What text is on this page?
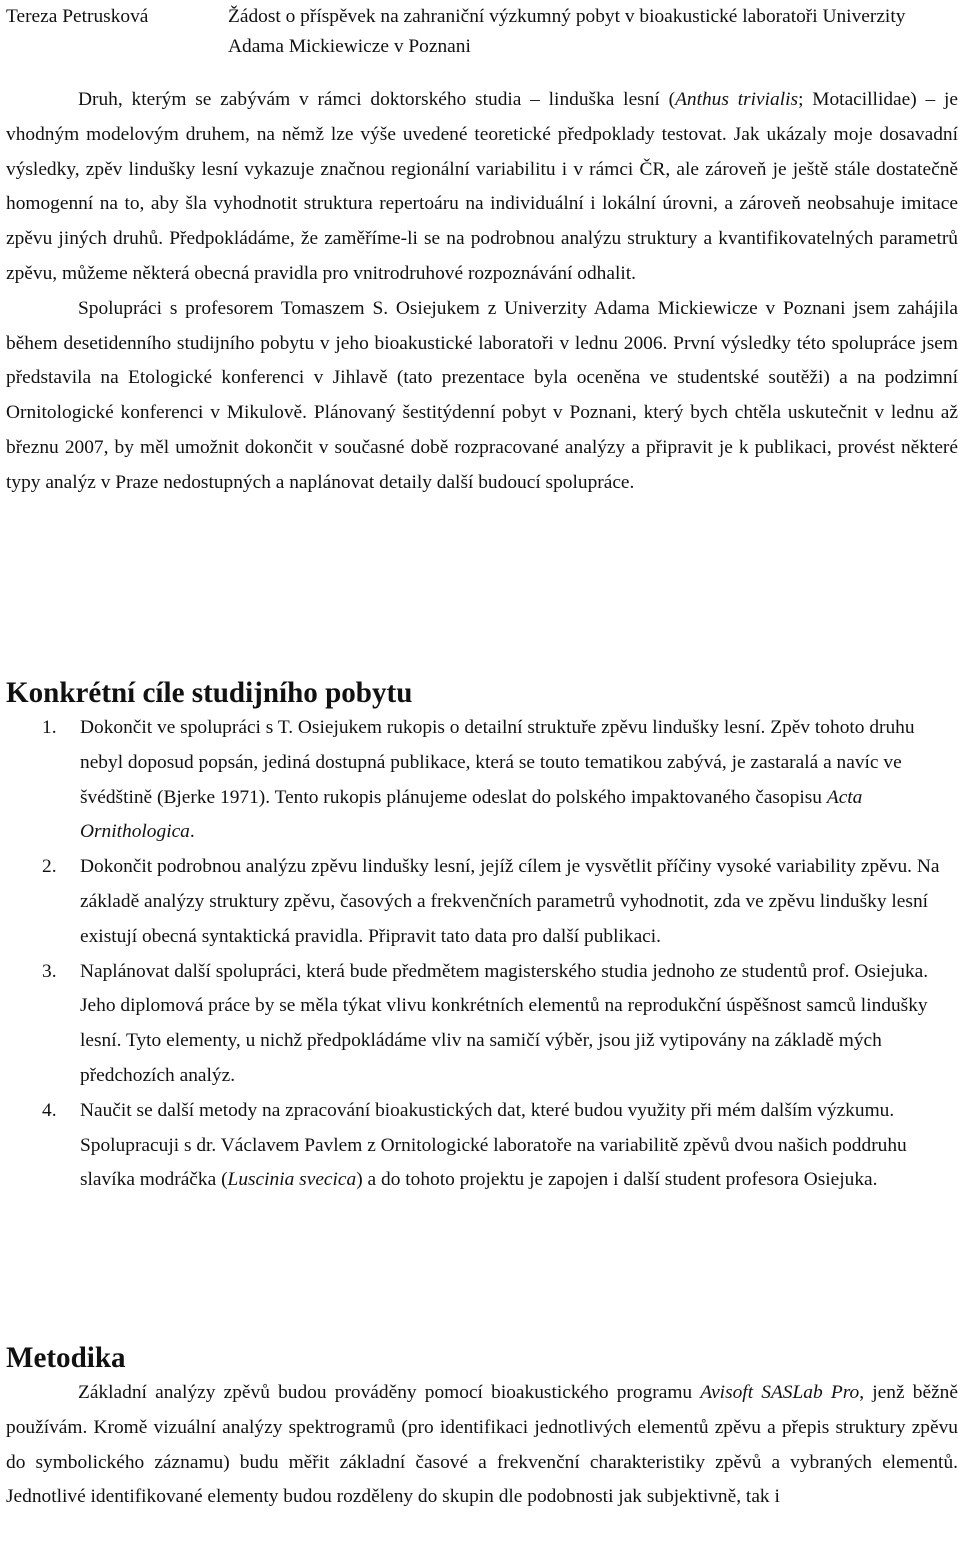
Tereza Petrusková	Žádost o příspěvek na zahraniční výzkumný pobyt v bioakustické laboratoři Univerzity Adama Mickiewicze v Poznani

Druh, kterým se zabývám v rámci doktorského studia – linduška lesní (Anthus trivialis; Motacillidae) – je vhodným modelovým druhem, na němž lze výše uvedené teoretické předpoklady testovat. Jak ukázaly moje dosavadní výsledky, zpěv lindušky lesní vykazuje značnou regionální variabilitu i v rámci ČR, ale zároveň je ještě stále dostatečně homogenní na to, aby šla vyhodnotit struktura repertoáru na individuální i lokální úrovni, a zároveň neobsahuje imitace zpěvu jiných druhů. Předpokládáme, že zaměříme-li se na podrobnou analýzu struktury a kvantifikovatelných parametrů zpěvu, můžeme některá obecná pravidla pro vnitrodruhové rozpoznávání odhalit.

Spolupráci s profesorem Tomaszem S. Osiejukem z Univerzity Adama Mickiewicze v Poznani jsem zahájila během desetidenního studijního pobytu v jeho bioakustické laboratoři v lednu 2006. První výsledky této spolupráce jsem představila na Etologické konferenci v Jihlavě (tato prezentace byla oceněna ve studentské soutěži) a na podzimní Ornitologické konferenci v Mikulově. Plánovaný šestitýdenní pobyt v Poznani, který bych chtěla uskutečnit v lednu až březnu 2007, by měl umožnit dokončit v současné době rozpracované analýzy a připravit je k publikaci, provést některé typy analýz v Praze nedostupných a naplánovat detaily další budoucí spolupráce.

Konkrétní cíle studijního pobytu
1. Dokončit ve spolupráci s T. Osiejukem rukopis o detailní struktuře zpěvu lindušky lesní. Zpěv tohoto druhu nebyl doposud popsán, jediná dostupná publikace, která se touto tematikou zabývá, je zastaralá a navíc ve švédštině (Bjerke 1971). Tento rukopis plánujeme odeslat do polského impaktovaného časopisu Acta Ornithologica.
2. Dokončit podrobnou analýzu zpěvu lindušky lesní, jejíž cílem je vysvětlit příčiny vysoké variability zpěvu. Na základě analýzy struktury zpěvu, časových a frekvenčních parametrů vyhodnotit, zda ve zpěvu lindušky lesní existují obecná syntaktická pravidla. Připravit tato data pro další publikaci.
3. Naplánovat další spolupráci, která bude předmětem magisterského studia jednoho ze studentů prof. Osiejuka. Jeho diplomová práce by se měla týkat vlivu konkrétních elementů na reprodukční úspěšnost samců lindušky lesní. Tyto elementy, u nichž předpokládáme vliv na samičí výběr, jsou již vytipovány na základě mých předchozích analýz.
4. Naučit se další metody na zpracování bioakustických dat, které budou využity při mém dalším výzkumu. Spolupracuji s dr. Václavem Pavlem z Ornitologické laboratoře na variabilitě zpěvů dvou našich poddruhu slavíka modráčka (Luscinia svecica) a do tohoto projektu je zapojen i další student profesora Osiejuka.
Metodika

Základní analýzy zpěvů budou prováděny pomocí bioakustického programu Avisoft SASLab Pro, jenž běžně používám. Kromě vizuální analýzy spektrogramů (pro identifikaci jednotlivých elementů zpěvu a přepis struktury zpěvu do symbolického záznamu) budu měřit základní časové a frekvenční charakteristiky zpěvů a vybraných elementů. Jednotlivé identifikované elementy budou rozděleny do skupin dle podobnosti jak subjektivně, tak i
